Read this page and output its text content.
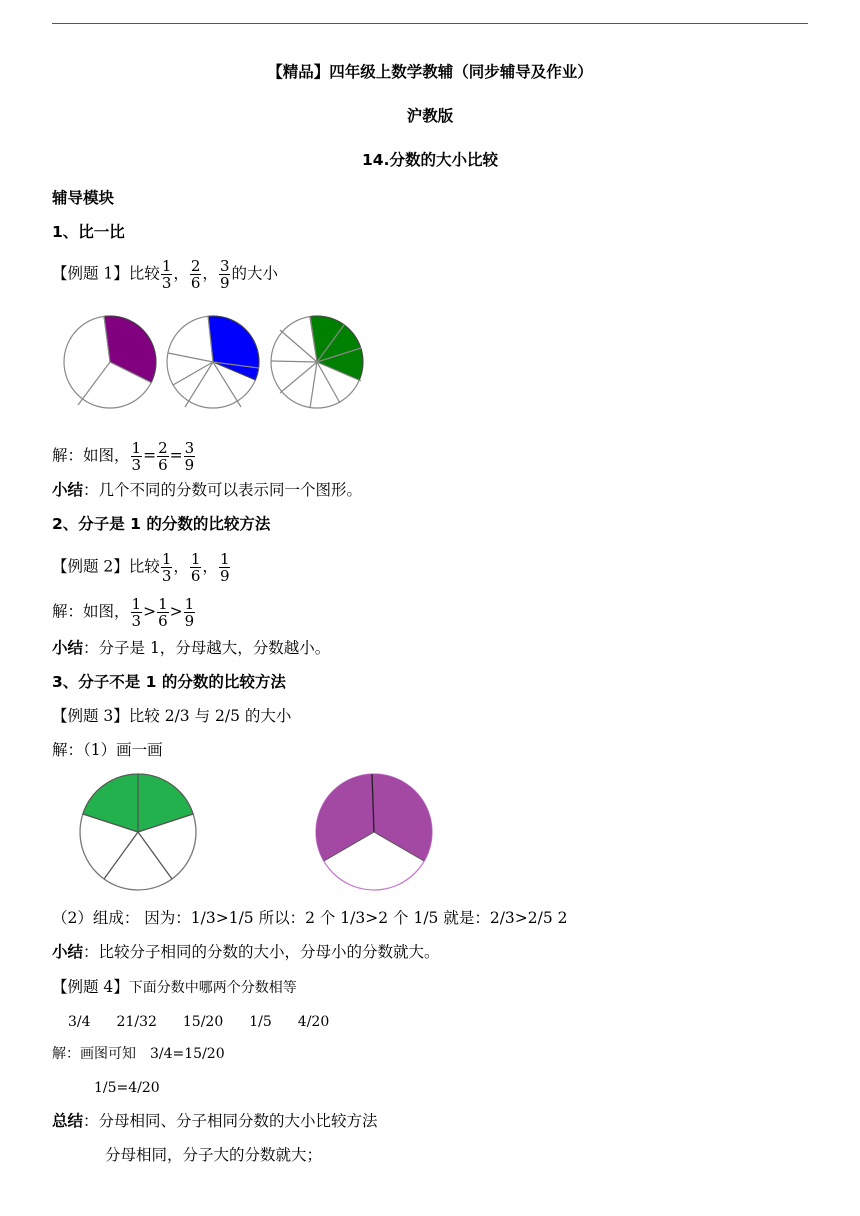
【精品】四年级上数学教辅（同步辅导及作业）
沪教版
14.分数的大小比较
辅导模块
1、比一比
【例题 1】比较 $\frac{1}{3}$ ， $\frac{2}{6}$ ， $\frac{3}{9}$ 的大小
解：如图， $\frac{1}{3} = \frac{2}{6} = \frac{3}{9}$
小结：几个不同的分数可以表示同一个图形。
2、分子是 1 的分数的比较方法
【例题 2】比较 $\frac{1}{3}$ ， $\frac{1}{6}$ ， $\frac{1}{9}$
解：如图， $\frac{1}{3} > \frac{1}{6} > \frac{1}{9}$
小结：分子是 1，分母越大，分数越小。
3、分子不是 1 的分数的比较方法
【例题 3】比较 2/3 与 2/5 的大小
解：（1）画一画
（2）组成： 因为：1/3>1/5 所以：2 个 1/3>2 个 1/5 就是：2/3>2/5 2
小结：比较分子相同的分数的大小，分母小的分数就大。
【例题 4】下面分数中哪两个分数相等
3/4 21/32 15/20 1/5 4/20
解：画图可知 3/4=15/20
1/5=4/20
总结：分母相同、分子相同分数的大小比较方法
分母相同，分子大的分数就大；
